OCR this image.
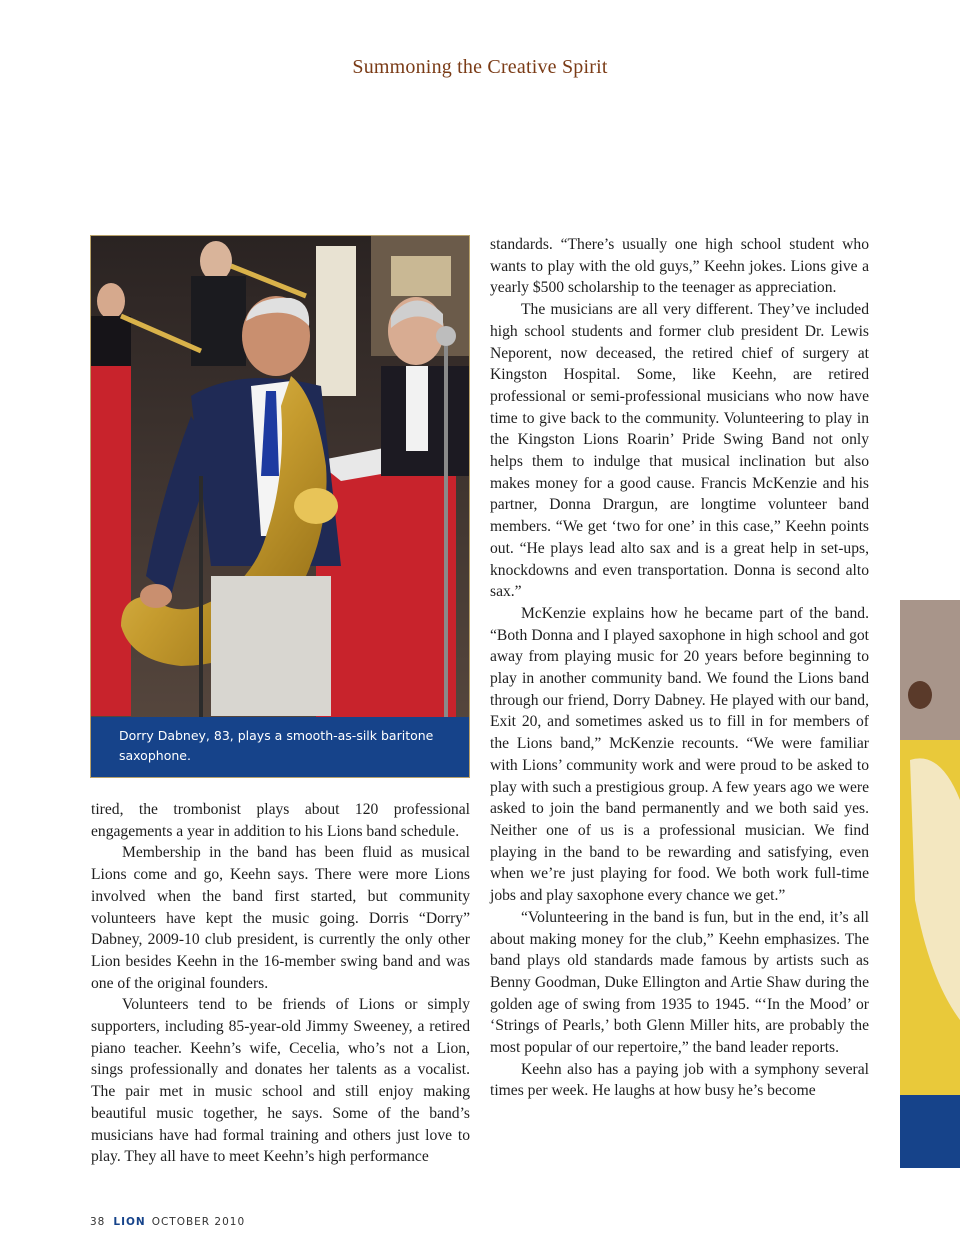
Summoning the Creative Spirit
Dorry Dabney, 83, plays a smooth-as-silk baritone saxophone.

tired, the trombonist plays about 120 professional engagements a year in addition to his Lions band schedule.

Membership in the band has been fluid as musical Lions come and go, Keehn says. There were more Lions involved when the band first started, but community volunteers have kept the music going. Dorris “Dorry” Dabney, 2009-10 club president, is currently the only other Lion besides Keehn in the 16-member swing band and was one of the original founders.

Volunteers tend to be friends of Lions or simply supporters, including 85-year-old Jimmy Sweeney, a retired piano teacher. Keehn’s wife, Cecelia, who’s not a Lion, sings professionally and donates her talents as a vocalist. The pair met in music school and still enjoy making beautiful music together, he says. Some of the band’s musicians have had formal training and others just love to play. They all have to meet Keehn’s high performance

standards. “There’s usually one high school student who wants to play with the old guys,” Keehn jokes. Lions give a yearly $500 scholarship to the teenager as appreciation.

The musicians are all very different. They’ve included high school students and former club president Dr. Lewis Neporent, now deceased, the retired chief of surgery at Kingston Hospital. Some, like Keehn, are retired professional or semi-professional musicians who now have time to give back to the community. Volunteering to play in the Kingston Lions Roarin’ Pride Swing Band not only helps them to indulge that musical inclination but also makes money for a good cause. Francis McKenzie and his partner, Donna Drargun, are longtime volunteer band members. “We get ‘two for one’ in this case,” Keehn points out. “He plays lead alto sax and is a great help in set-ups, knockdowns and even transportation. Donna is second alto sax.”

McKenzie explains how he became part of the band. “Both Donna and I played saxophone in high school and got away from playing music for 20 years before beginning to play in another community band. We found the Lions band through our friend, Dorry Dabney. He played with our band, Exit 20, and sometimes asked us to fill in for members of the Lions band,” McKenzie recounts. “We were familiar with Lions’ community work and were proud to be asked to play with such a prestigious group. A few years ago we were asked to join the band permanently and we both said yes. Neither one of us is a professional musician. We find playing in the band to be rewarding and satisfying, even when we’re just playing for food. We both work full-time jobs and play saxophone every chance we get.”

“Volunteering in the band is fun, but in the end, it’s all about making money for the club,” Keehn emphasizes. The band plays old standards made famous by artists such as Benny Goodman, Duke Ellington and Artie Shaw during the golden age of swing from 1935 to 1945. “‘In the Mood’ or ‘Strings of Pearls,’ both Glenn Miller hits, are probably the most popular of our repertoire,” the band leader reports.

Keehn also has a paying job with a symphony several times per week. He laughs at how busy he’s become

38 LION OCTOBER 2010
